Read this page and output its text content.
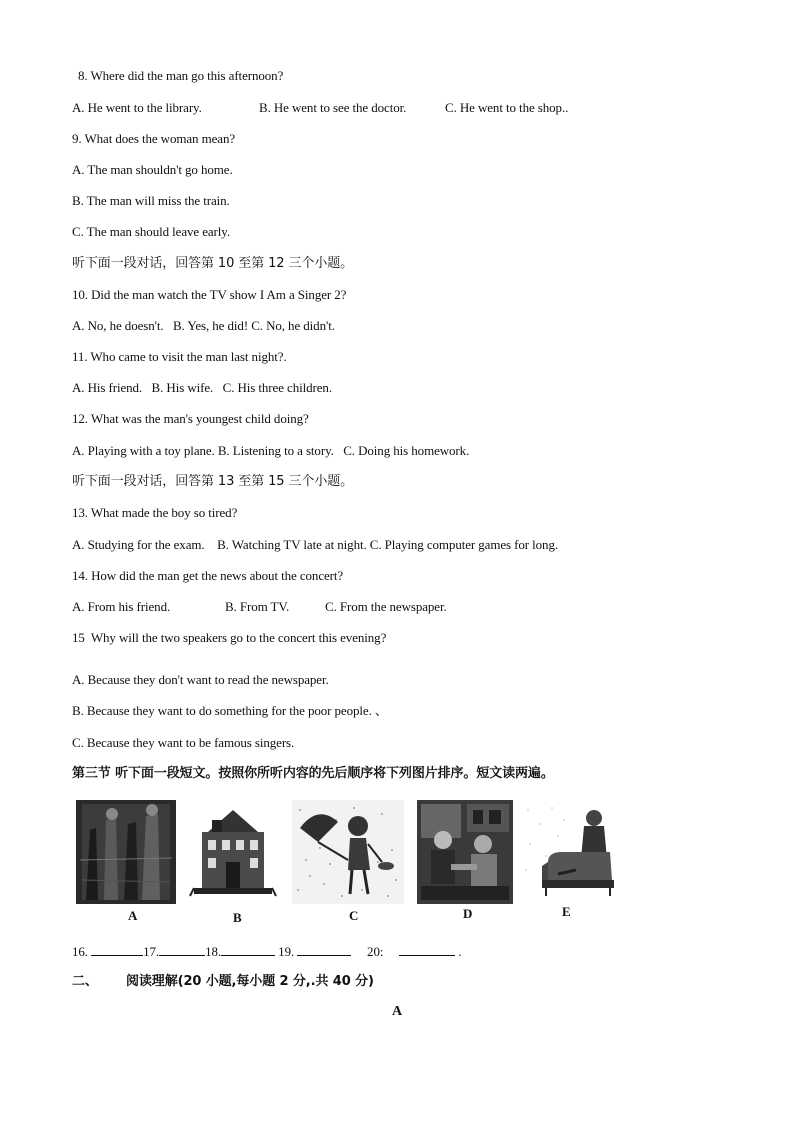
8. Where did the man go this afternoon?
A. He went to the library.	B. He went to see the doctor.	C. He went to the shop..
9. What does the woman mean?
A. The man shouldn't go home.
B. The man will miss the train.
C. The man should leave early.
听下面一段对话，回答第 10 至第 12 三个小题。
10. Did the man watch the TV show I Am a Singer 2?
A. No, he doesn't.   B. Yes, he did! C. No, he didn't.
11. Who came to visit the man last night?.
A. His friend.   B. His wife.   C. His three children.
12. What was the man's youngest child doing?
A. Playing with a toy plane. B. Listening to a story.   C. Doing his homework.
听下面一段对话，回答第 13 至第 15 三个小题。
13. What made the boy so tired?
A. Studying for the exam.    B. Watching TV late at night. C. Playing computer games for long.
14. How did the man get the news about the concert?
A. From his friend.	B. From TV.	C. From the newspaper.
15  Why will the two speakers go to the concert this evening?
A. Because they don't want to read the newspaper.
B. Because they want to do something for the poor people. 、
C. Because they want to be famous singers.
第三节 听下面一段短文。按照你所听内容的先后顺序将下列图片排序。短文读两遍。
A	B	C	D	E
16.	17.	18.	19.	20:	.
二、 阅读理解(20 小题,每小题 2 分,.共 40 分)
A
